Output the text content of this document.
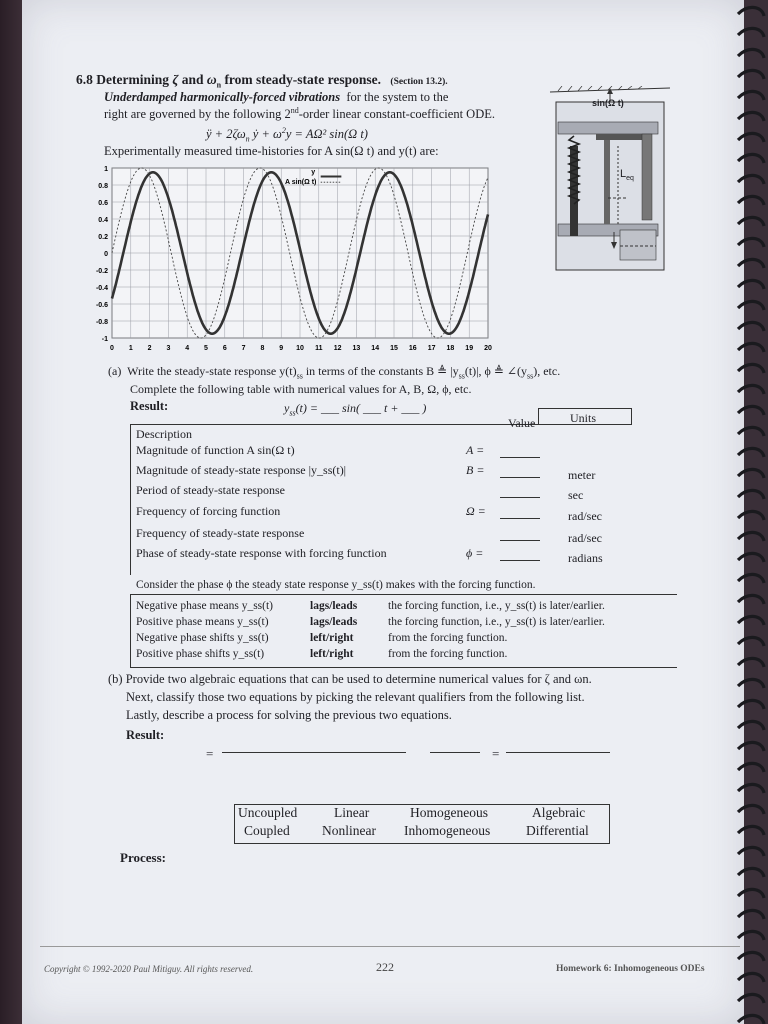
6.8 Determining ζ and $\omega_n$ from steady-state response. (Section 13.2).
Underdamped harmonically-forced vibrations for the system to the
right are governed by the following 2nd-order linear constant-coefficient ODE.
ÿ + $2\zeta\omega_n$ ẏ + $\omega^2y = A\Omega^2$ sin(Ω t)
Experimentally measured time-histories for A sin(Ω t) and y(t) are:
sin(Ω t)
$L_{eq}$
0 1 2 3 4 5 6 7 8 9 10 11 12 13 14 15 16 17 18 19 20
1
0.8
0.6
0.4
0.2
0
-0.2
-0.4
-0.6
-0.8
-1
y
A sin(Ω t)
(a) Write the steady-state response $y(t)_{ss}$ in terms of the constants B ≜ $|y_{ss}(t)|$, ϕ ≜ $\angle(y_{ss})$, etc.
Complete the following table with numerical values for A, B, Ω, ϕ, etc.
Result:	$y_{ss}(t)$ = ___ sin( ___ t + ___ )
Value	Units
Description
Magnitude of function A sin(Ω t)	A =
Magnitude of steady-state response |y_ss(t)|	B =	meter
Period of steady-state response	sec
Frequency of forcing function	Ω =	rad/sec
Frequency of steady-state response	rad/sec
Phase of steady-state response with forcing function	ϕ =	radians
Consider the phase ϕ the steady state response y_ss(t) makes with the forcing function.
Negative phase means y_ss(t)	lags/leads	the forcing function, i.e., y_ss(t) is later/earlier.
Positive phase means y_ss(t)	lags/leads	the forcing function, i.e., y_ss(t) is later/earlier.
Negative phase shifts y_ss(t)	left/right	from the forcing function.
Positive phase shifts y_ss(t)	left/right	from the forcing function.
(b) Provide two algebraic equations that can be used to determine numerical values for ζ and ωn.
Next, classify those two equations by picking the relevant qualifiers from the following list.
Lastly, describe a process for solving the previous two equations.
Result:
=	=
Uncoupled	Linear	Homogeneous	Algebraic
Coupled Nonlinear Inhomogeneous	Differential
Process:
Copyright © 1992-2020 Paul Mitiguy. All rights reserved.	222	Homework 6: Inhomogeneous ODEs
